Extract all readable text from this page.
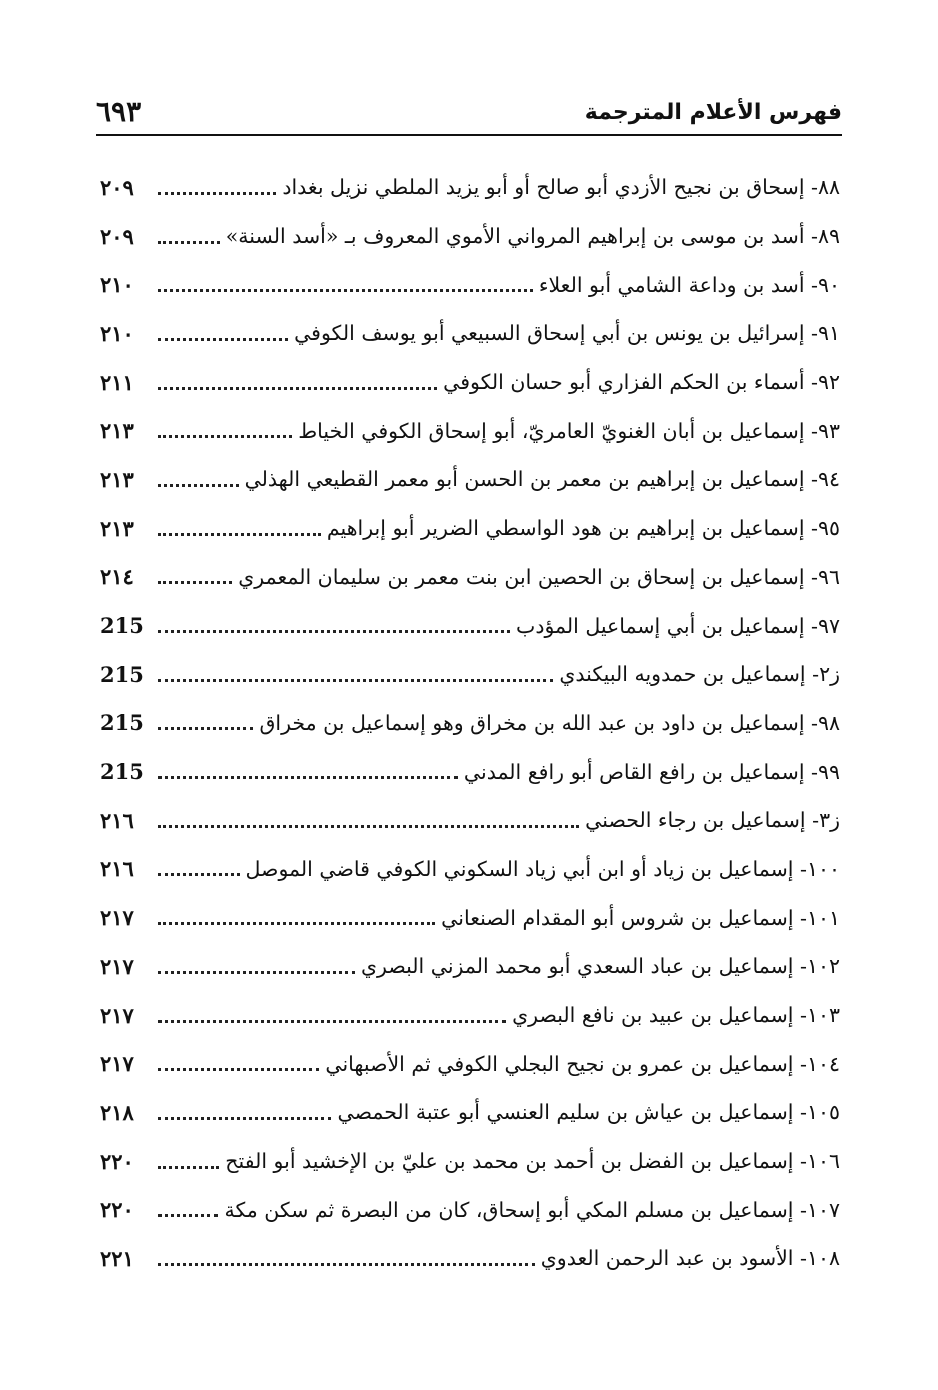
فهرس الأعلام المترجمة
٦٩٣
٨٨- إسحاق بن نجيح الأزدي أبو صالح أو أبو يزيد الملطي نزيل بغداد
٢٠٩
٨٩- أسد بن موسى بن إبراهيم المرواني الأموي المعروف بـ «أسد السنة»
٢٠٩
٩٠- أسد بن وداعة الشامي أبو العلاء
٢١٠
٩١- إسرائيل بن يونس بن أبي إسحاق السبيعي أبو يوسف الكوفي
٢١٠
٩٢- أسماء بن الحكم الفزاري أبو حسان الكوفي
٢١١
٩٣- إسماعيل بن أبان الغنويّ العامريّ، أبو إسحاق الكوفي الخياط
٢١٣
٩٤- إسماعيل بن إبراهيم بن معمر بن الحسن أبو معمر القطيعي الهذلي
٢١٣
٩٥- إسماعيل بن إبراهيم بن هود الواسطي الضرير أبو إبراهيم
٢١٣
٩٦- إسماعيل بن إسحاق بن الحصين ابن بنت معمر بن سليمان المعمري
٢١٤
٩٧- إسماعيل بن أبي إسماعيل المؤدب
215
ز٢- إسماعيل بن حمدويه البيكندي
215
٩٨- إسماعيل بن داود بن عبد الله بن مخراق وهو إسماعيل بن مخراق
215
٩٩- إسماعيل بن رافع القاص أبو رافع المدني
215
ز٣- إسماعيل بن رجاء الحصني
٢١٦
١٠٠- إسماعيل بن زياد أو ابن أبي زياد السكوني الكوفي قاضي الموصل
٢١٦
١٠١- إسماعيل بن شروس أبو المقدام الصنعاني
٢١٧
١٠٢- إسماعيل بن عباد السعدي أبو محمد المزني البصري
٢١٧
١٠٣- إسماعيل بن عبيد بن نافع البصري
٢١٧
١٠٤- إسماعيل بن عمرو بن نجيح البجلي الكوفي ثم الأصبهاني
٢١٧
١٠٥- إسماعيل بن عياش بن سليم العنسي أبو عتبة الحمصي
٢١٨
١٠٦- إسماعيل بن الفضل بن أحمد بن محمد بن عليّ بن الإخشيد أبو الفتح
٢٢٠
١٠٧- إسماعيل بن مسلم المكي أبو إسحاق، كان من البصرة ثم سكن مكة
٢٢٠
١٠٨- الأسود بن عبد الرحمن العدوي
٢٢١
